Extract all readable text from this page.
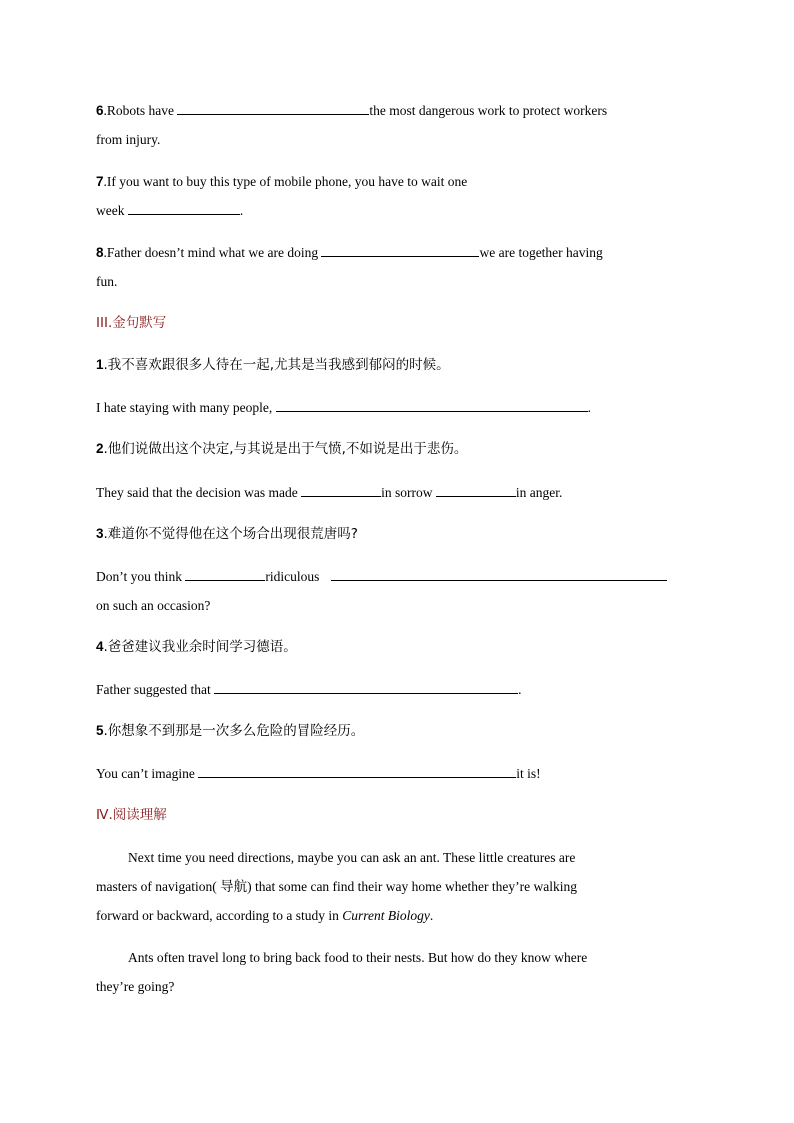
6.Robots have	the most dangerous work to protect workers
from injury.
7.If you want to buy this type of mobile phone, you have to wait one
week	.
8.Father doesn’t mind what we are doing	we are together having
fun.
III.金句默写
1.我不喜欢跟很多人待在一起,尤其是当我感到郁闷的时候。
I hate staying with many people,	.
2.他们说做出这个决定,与其说是出于气愤,不如说是出于悲伤。
They said that the decision was made	in sorrow	in anger.
3.难道你不觉得他在这个场合出现很荒唐吗?
Don’t you think	ridiculous
on such an occasion?
4.爸爸建议我业余时间学习德语。
Father suggested that	.
5.你想象不到那是一次多么危险的冒险经历。
You can’t imagine	it is!
Ⅳ.阅读理解
Next time you need directions, maybe you can ask an ant. These little creatures are
masters of navigation( 导航) that some can find their way home whether they’re walking
forward or backward, according to a study in Current Biology.
Ants often travel long to bring back food to their nests. But how do they know where
they’re going?
